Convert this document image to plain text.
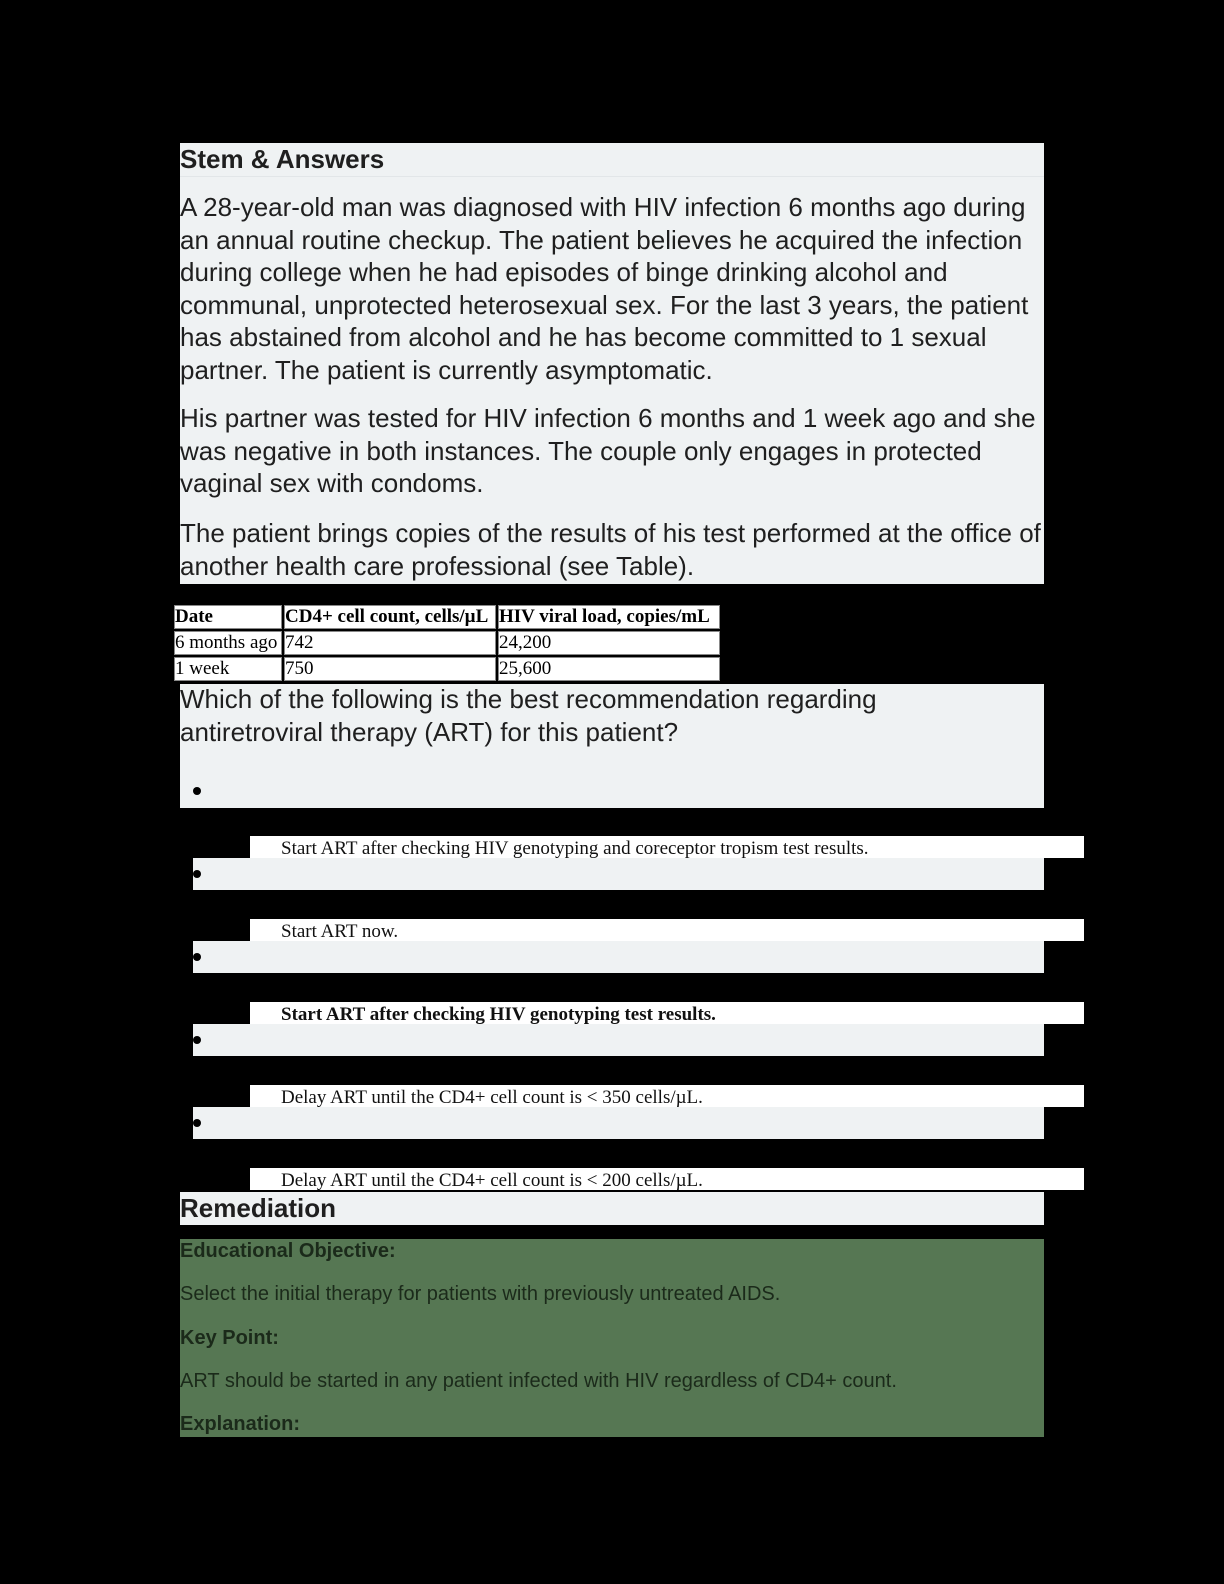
Stem & Answers

A 28-year-old man was diagnosed with HIV infection 6 months ago during an annual routine checkup. The patient believes he acquired the infection during college when he had episodes of binge drinking alcohol and communal, unprotected heterosexual sex. For the last 3 years, the patient has abstained from alcohol and he has become committed to 1 sexual partner. The patient is currently asymptomatic.

His partner was tested for HIV infection 6 months and 1 week ago and she was negative in both instances. The couple only engages in protected vaginal sex with condoms.

The patient brings copies of the results of his test performed at the office of another health care professional (see Table).

Date	CD4+ cell count, cells/µL	HIV viral load, copies/mL
6 months ago	742	24,200
1 week	750	25,600

Which of the following is the best recommendation regarding antiretroviral therapy (ART) for this patient?

Start ART after checking HIV genotyping and coreceptor tropism test results.
Start ART now.
Start ART after checking HIV genotyping test results.
Delay ART until the CD4+ cell count is < 350 cells/µL.
Delay ART until the CD4+ cell count is < 200 cells/µL.
Remediation
Educational Objective:
Select the initial therapy for patients with previously untreated AIDS.
Key Point:
ART should be started in any patient infected with HIV regardless of CD4+ count.
Explanation:
